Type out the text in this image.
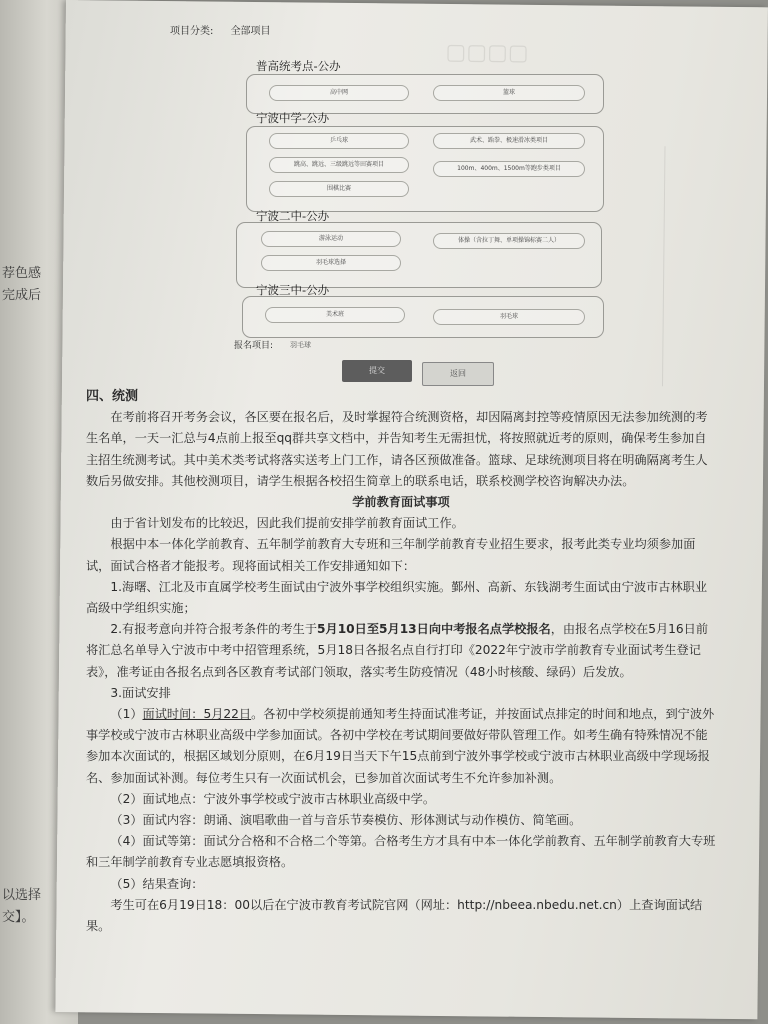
荐色感
完成后
以选择
交】。
▢▢▢▢
项目分类: 全部项目
普高统考点-公办
高中网	篮球
宁波中学-公办
乒乓球	武术、跆拳、极速滑冰类项目
跳高、跳远、三级跳远等田赛项目
100m、400m、1500m等跑步类项目
围棋比赛
宁波二中-公办
游泳运动	体操（含拉丁舞、单项操锦标赛二人）
羽毛球选择
宁波三中-公办
美术班	羽毛球
报名项目: 羽毛球
提交	返回

四、统测

在考前将召开考务会议，各区要在报名后，及时掌握符合统测资格，却因隔离封控等疫情原因无法参加统测的考生名单，一天一汇总与4点前上报至qq群共享文档中，并告知考生无需担忧，将按照就近考的原则，确保考生参加自主招生统测考试。其中美术类考试将落实送考上门工作，请各区预做准备。篮球、足球统测项目将在明确隔离考生人数后另做安排。其他校测项目，请学生根据各校招生简章上的联系电话，联系校测学校咨询解决办法。

学前教育面试事项

由于省计划发布的比较迟，因此我们提前安排学前教育面试工作。

根据中本一体化学前教育、五年制学前教育大专班和三年制学前教育专业招生要求，报考此类专业均须参加面试，面试合格者才能报考。现将面试相关工作安排通知如下：

1.海曙、江北及市直属学校考生面试由宁波外事学校组织实施。鄞州、高新、东钱湖考生面试由宁波市古林职业高级中学组织实施；

2.有报考意向并符合报考条件的考生于5月10日至5月13日向中考报名点学校报名，由报名点学校在5月16日前将汇总名单导入宁波市中考中招管理系统，5月18日各报名点自行打印《2022年宁波市学前教育专业面试考生登记表》，准考证由各报名点到各区教育考试部门领取，落实考生防疫情况（48小时核酸、绿码）后发放。

3.面试安排

（1）面试时间：5月22日。各初中学校须提前通知考生持面试准考证，并按面试点排定的时间和地点，到宁波外事学校或宁波市古林职业高级中学参加面试。各初中学校在考试期间要做好带队管理工作。如考生确有特殊情况不能参加本次面试的，根据区域划分原则，在6月19日当天下午15点前到宁波外事学校或宁波市古林职业高级中学现场报名、参加面试补测。每位考生只有一次面试机会，已参加首次面试考生不允许参加补测。

（2）面试地点：宁波外事学校或宁波市古林职业高级中学。

（3）面试内容：朗诵、演唱歌曲一首与音乐节奏模仿、形体测试与动作模仿、简笔画。

（4）面试等第：面试分合格和不合格二个等第。合格考生方才具有中本一体化学前教育、五年制学前教育大专班和三年制学前教育专业志愿填报资格。

（5）结果查询：

考生可在6月19日18：00以后在宁波市教育考试院官网（网址：http://nbeea.nbedu.net.cn）上查询面试结果。
